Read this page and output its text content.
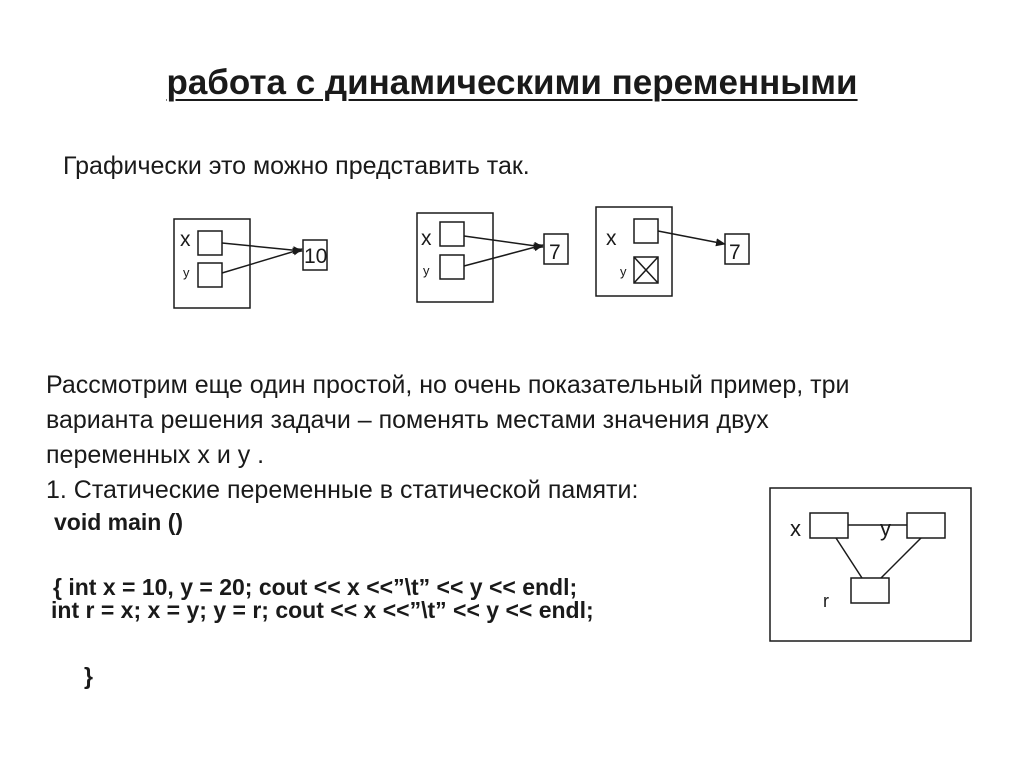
работа с динамическими переменными

Графически это можно представить так.

Рассмотрим еще один простой, но очень показательный пример, три
варианта решения задачи – поменять местами значения двух
переменных x и y .
1. Статические переменные в статической памяти:
void main ()
{ int x = 10, y = 20; cout << x <<”\t” << y << endl;
int r = x; x = y; y = r; cout << x <<”\t” << y << endl;
}
x
y
10
x
y
7
x
y
7
x	y
r
